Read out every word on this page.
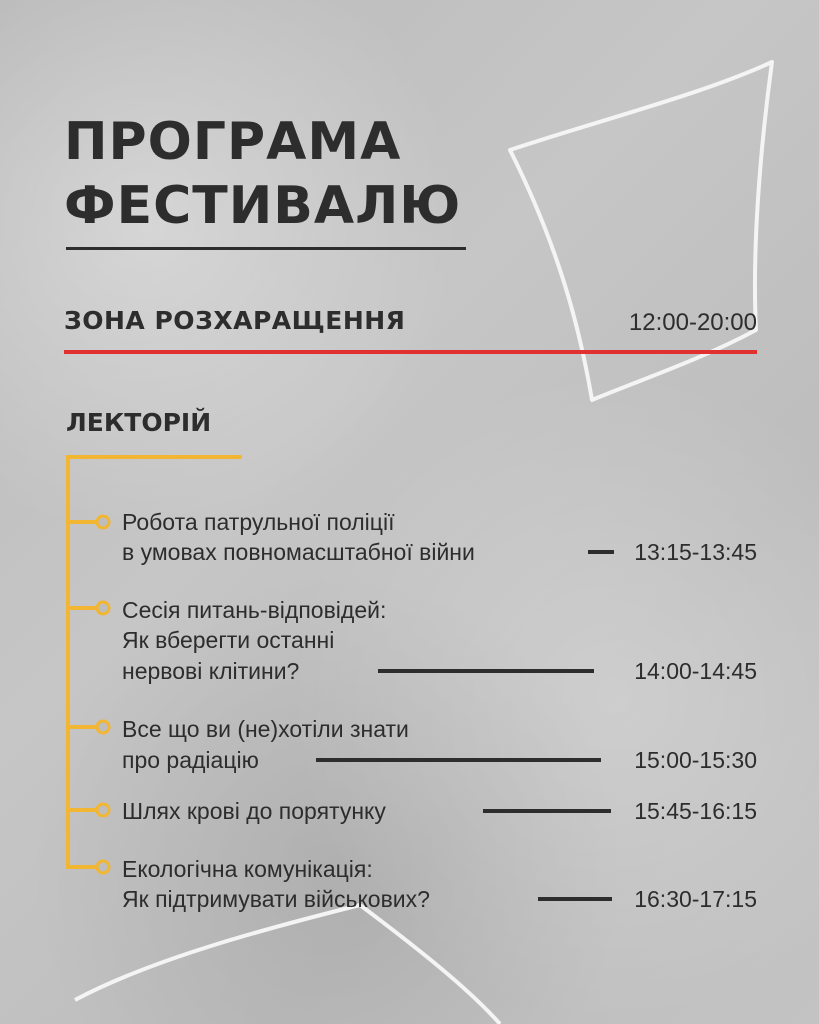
ПРОГРАМА
ФЕСТИВАЛЮ
ЗОНА РОЗХАРАЩЕННЯ	12:00-20:00
ЛЕКТОРІЙ
Робота патрульної поліції
в умовах повномасштабної війни	13:15-13:45
Сесія питань-відповідей:
Як вберегти останні
нервові клітини?	14:00-14:45
Все що ви (не)хотіли знати
про радіацію	15:00-15:30
Шлях крові до порятунку	15:45-16:15
Екологічна комунікація:
Як підтримувати військових?	16:30-17:15
